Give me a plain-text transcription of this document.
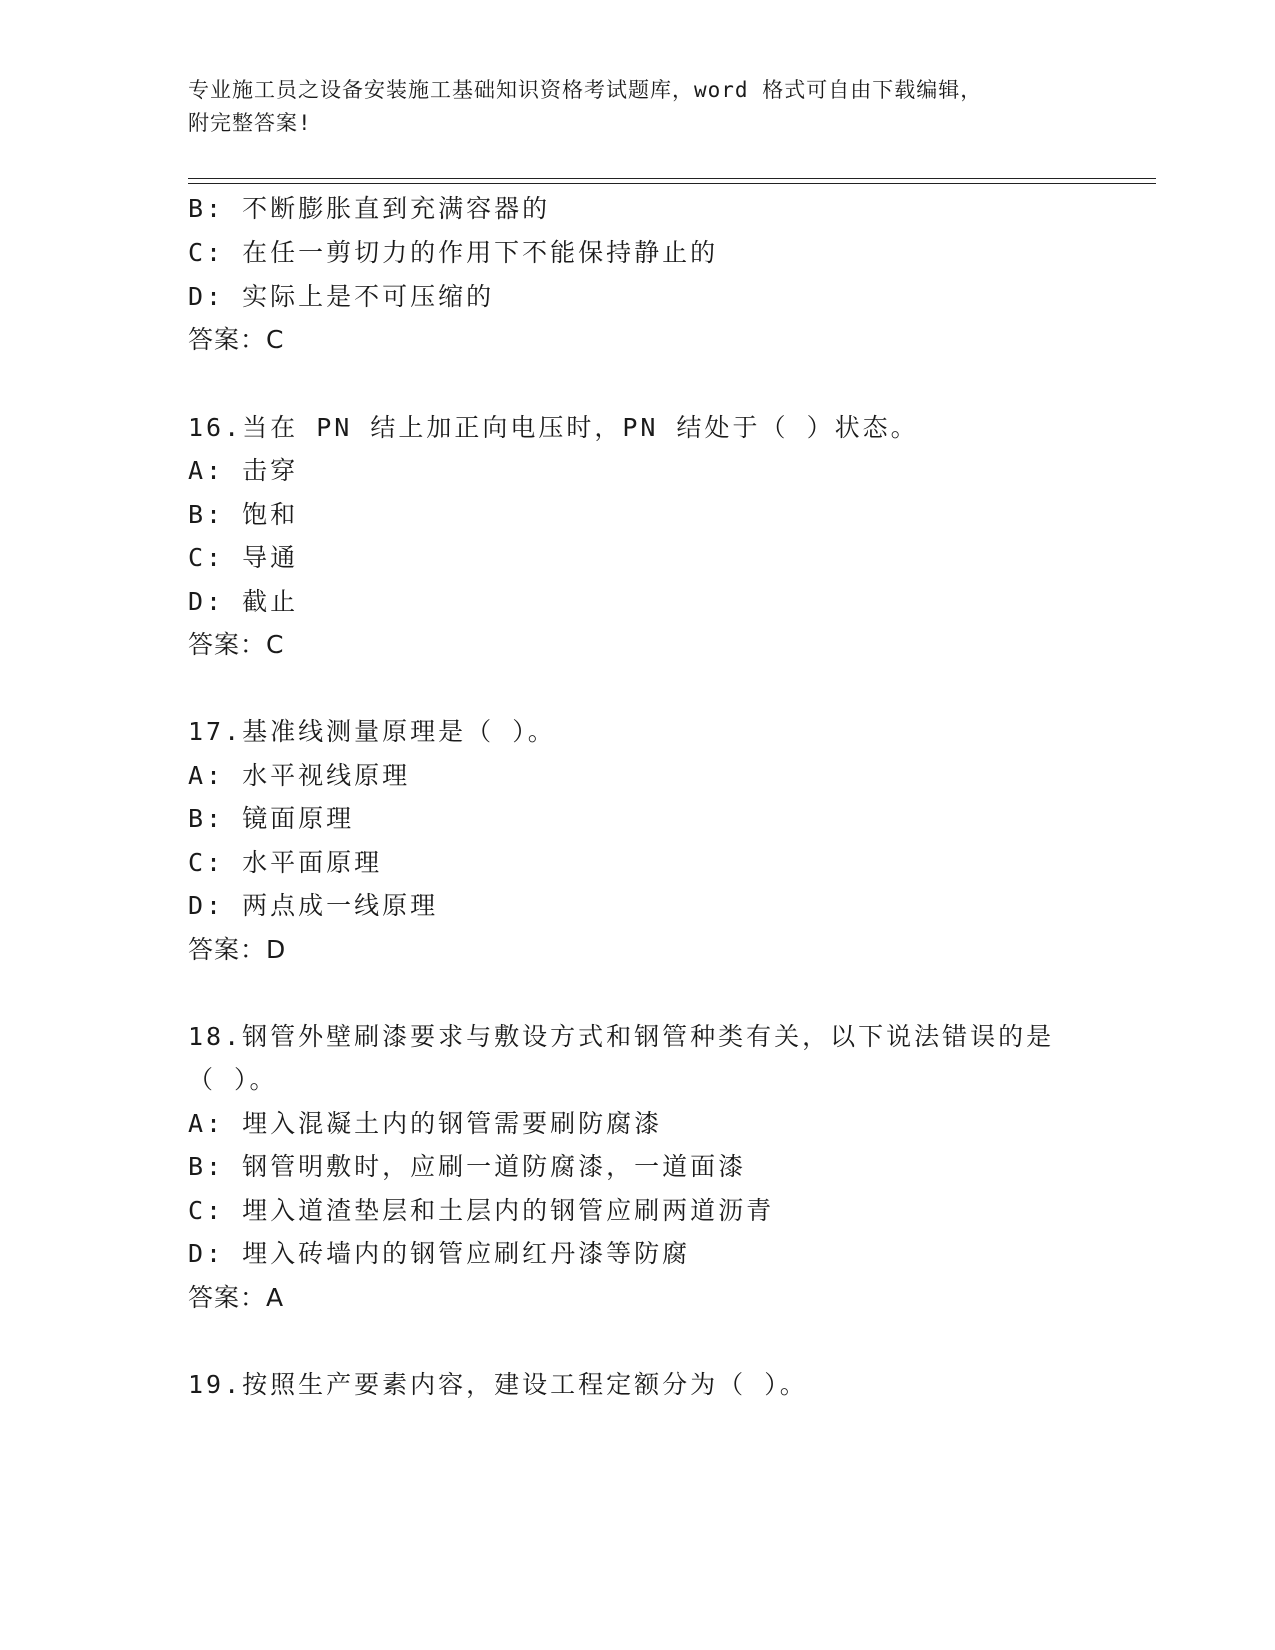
专业施工员之设备安装施工基础知识资格考试题库，word 格式可自由下载编辑，
附完整答案!
B: 不断膨胀直到充满容器的
C: 在任一剪切力的作用下不能保持静止的
D: 实际上是不可压缩的
答案：C
16.当在 PN 结上加正向电压时，PN 结处于（ ）状态。
A: 击穿
B: 饱和
C: 导通
D: 截止
答案：C
17.基准线测量原理是（ ）。
A: 水平视线原理
B: 镜面原理
C: 水平面原理
D: 两点成一线原理
答案：D
18.钢管外壁刷漆要求与敷设方式和钢管种类有关，以下说法错误的是
（ ）。
A: 埋入混凝土内的钢管需要刷防腐漆
B: 钢管明敷时，应刷一道防腐漆，一道面漆
C: 埋入道渣垫层和土层内的钢管应刷两道沥青
D: 埋入砖墙内的钢管应刷红丹漆等防腐
答案：A
19.按照生产要素内容，建设工程定额分为（ ）。
